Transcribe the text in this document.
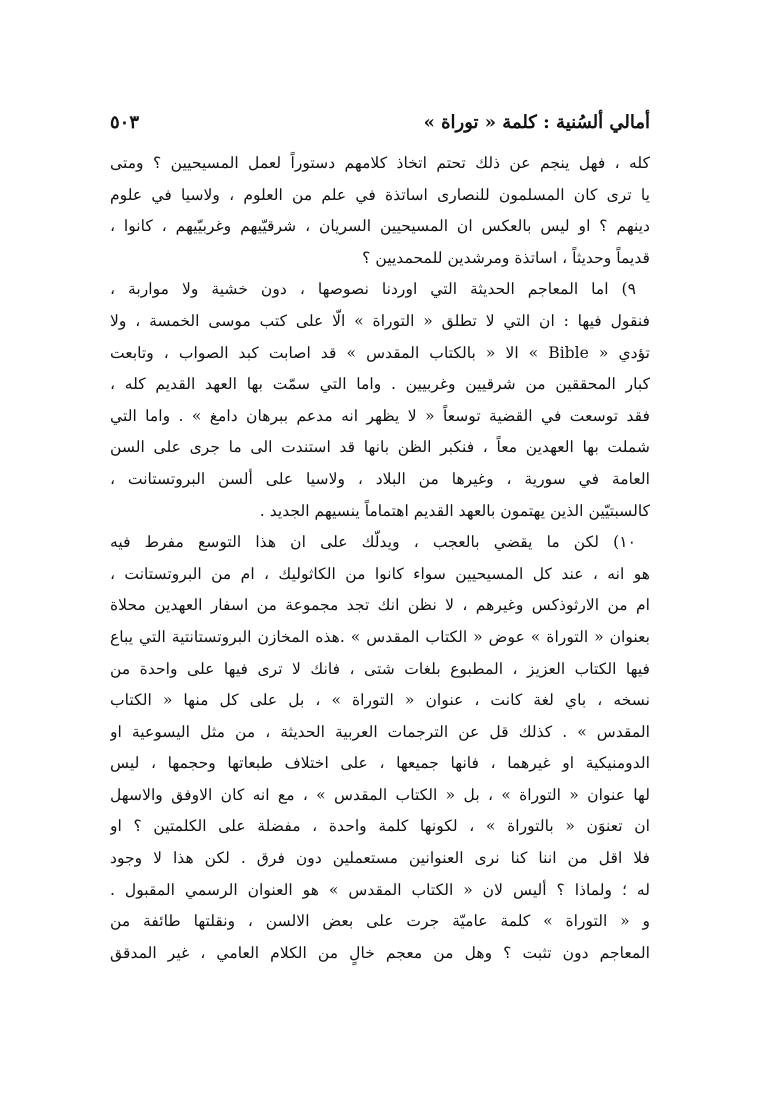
أمالي ألسُنية : كلمة « توراة »
٥٠٣
كله ، فهل ينجم عن ذلك تحتم اتخاذ كلامهم دستوراً لعمل المسيحيين ؟ ومتى
يا ترى كان المسلمون للنصارى اساتذة في علم من العلوم ، ولاسيا في علوم
دينهم ؟ او ليس بالعكس ان المسيحيين السريان ، شرقيّيهم وغربيّيهم ، كانوا ،
قديماً وحديثاً ، اساتذة ومرشدين للمحمديين ؟
٩) اما المعاجم الحديثة التي اوردنا نصوصها ، دون خشية ولا مواربة ،
فنقول فيها : ان التي لا تطلق « التوراة » الّا على كتب موسى الخمسة ، ولا
تؤدي « Bible » الا « بالكتاب المقدس » قد اصابت كبد الصواب ، وتابعت
كبار المحققين من شرقيين وغربيين . واما التي سمّت بها العهد القديم كله ،
فقد توسعت في القضية توسعاً « لا يظهر انه مدعم ببرهان دامغ » . واما التي
شملت بها العهدين معاً ، فنكبر الظن بانها قد استندت الى ما جرى على السن
العامة في سورية ، وغيرها من البلاد ، ولاسيا على ألسن البروتستانت ،
كالسبتيّين الذين يهتمون بالعهد القديم اهتماماً ينسيهم الجديد .
١٠) لكن ما يقضي بالعجب ، ويدلّك على ان هذا التوسع مفرط فيه
هو انه ، عند كل المسيحيين سواء كانوا من الكاثوليك ، ام من البروتستانت ،
ام من الارثوذكس وغيرهم ، لا نظن انك تجد مجموعة من اسفار العهدين محلاة
بعنوان « التوراة » عوض « الكتاب المقدس » .هذه المخازن البروتستانتية التي يباع
فيها الكتاب العزيز ، المطبوع بلغات شتى ، فانك لا ترى فيها على واحدة من
نسخه ، باي لغة كانت ، عنوان « التوراة » ، بل على كل منها « الكتاب
المقدس » . كذلك قل عن الترجمات العربية الحديثة ، من مثل اليسوعية او
الدومنيكية او غيرهما ، فانها جميعها ، على اختلاف طبعاتها وحجمها ، ليس
لها عنوان « التوراة » ، بل « الكتاب المقدس » ، مع انه كان الاوفق والاسهل
ان تعنوَن « بالتوراة » ، لكونها كلمة واحدة ، مفضلة على الكلمتين ؟ او
فلا اقل من اننا كنا نرى العنوانين مستعملين دون فرق . لكن هذا لا وجود
له ؛ ولماذا ؟ أليس لان « الكتاب المقدس » هو العنوان الرسمي المقبول .
و « التوراة » كلمة عاميّة جرت على بعض الالسن ، ونقلتها طائفة من
المعاجم دون تثبت ؟ وهل من معجم خالٍ من الكلام العامي ، غير المدقق
